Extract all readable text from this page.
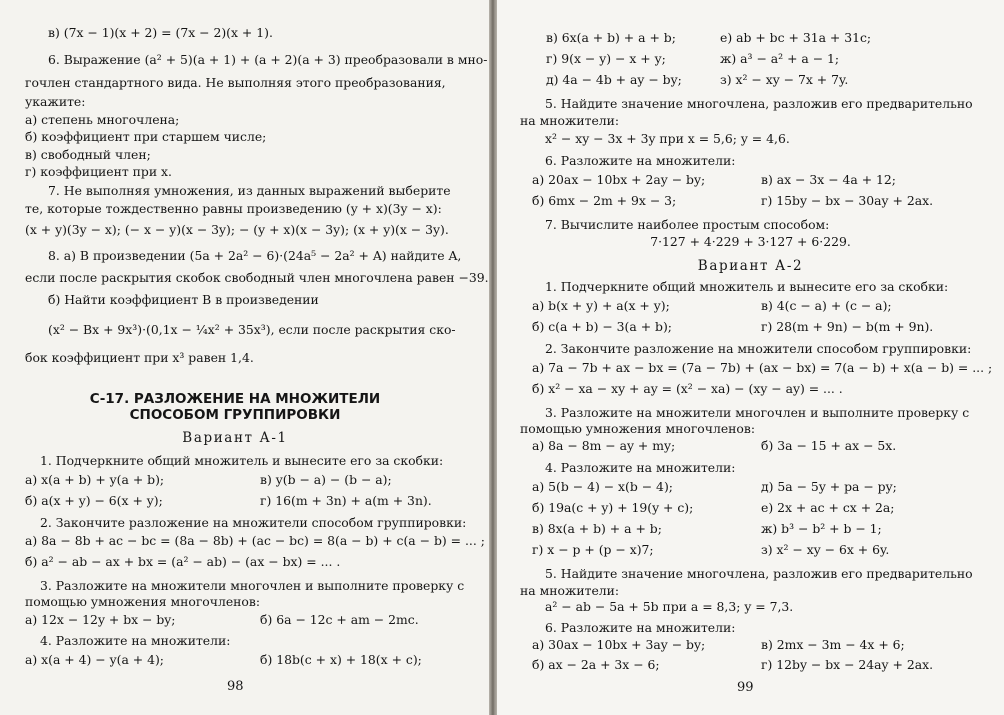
в) (7x − 1)(x + 2) = (7x − 2)(x + 1).
6. Выражение (a² + 5)(a + 1) + (a + 2)(a + 3) преобразовали в мно-
гочлен стандартного вида. Не выполняя этого преобразования,
укажите:
а) степень многочлена;
б) коэффициент при старшем числе;
в) свободный член;
г) коэффициент при x.
7. Не выполняя умножения, из данных выражений выберите
те, которые тождественно равны произведению (y + x)(3y − x):
(x + y)(3y − x); (− x − y)(x − 3y); − (y + x)(x − 3y); (x + y)(x − 3y).
8. а) В произведении (5a + 2a² − 6)·(24a⁵ − 2a² + A) найдите A,
если после раскрытия скобок свободный член многочлена равен −39.
б) Найти коэффициент B в произведении
(x² − Bx + 9x³)·(0,1x − ¼x² + 35x³), если после раскрытия ско-
бок коэффициент при x³ равен 1,4.
С-17. РАЗЛОЖЕНИЕ НА МНОЖИТЕЛИ
СПОСОБОМ ГРУППИРОВКИ
Вариант А-1
1. Подчеркните общий множитель и вынесите его за скобки:
а) x(a + b) + y(a + b);	в) y(b − a) − (b − a);
б) a(x + y) − 6(x + y);	г) 16(m + 3n) + a(m + 3n).
2. Закончите разложение на множители способом группировки:
а) 8a − 8b + ac − bc = (8a − 8b) + (ac − bc) = 8(a − b) + c(a − b) = ... ;
б) a² − ab − ax + bx = (a² − ab) − (ax − bx) = ... .
3. Разложите на множители многочлен и выполните проверку с
помощью умножения многочленов:
а) 12x − 12y + bx − by;	б) 6a − 12c + am − 2mc.
4. Разложите на множители:
а) x(a + 4) − y(a + 4);	б) 18b(c + x) + 18(x + c);
98
в) 6x(a + b) + a + b;	е) ab + bc + 31a + 31c;
г) 9(x − y) − x + y;	ж) a³ − a² + a − 1;
д) 4a − 4b + ay − by;	з) x² − xy − 7x + 7y.
5. Найдите значение многочлена, разложив его предварительно
на множители:
x² − xy − 3x + 3y при x = 5,6; y = 4,6.
6. Разложите на множители:
а) 20ax − 10bx + 2ay − by;	в) ax − 3x − 4a + 12;
б) 6mx − 2m + 9x − 3;	г) 15by − bx − 30ay + 2ax.
7. Вычислите наиболее простым способом:
7·127 + 4·229 + 3·127 + 6·229.
Вариант А-2
1. Подчеркните общий множитель и вынесите его за скобки:
а) b(x + y) + a(x + y);	в) 4(c − a) + (c − a);
б) c(a + b) − 3(a + b);	г) 28(m + 9n) − b(m + 9n).
2. Закончите разложение на множители способом группировки:
а) 7a − 7b + ax − bx = (7a − 7b) + (ax − bx) = 7(a − b) + x(a − b) = ... ;
б) x² − xa − xy + ay = (x² − xa) − (xy − ay) = ... .
3. Разложите на множители многочлен и выполните проверку с
помощью умножения многочленов:
а) 8a − 8m − ay + my;	б) 3a − 15 + ax − 5x.
4. Разложите на множители:
а) 5(b − 4) − x(b − 4);	д) 5a − 5y + pa − py;
б) 19a(c + y) + 19(y + c);	е) 2x + ac + cx + 2a;
в) 8x(a + b) + a + b;	ж) b³ − b² + b − 1;
г) x − p + (p − x)7;	з) x² − xy − 6x + 6y.
5. Найдите значение многочлена, разложив его предварительно
на множители:
a² − ab − 5a + 5b при a = 8,3; y = 7,3.
6. Разложите на множители:
а) 30ax − 10bx + 3ay − by;	в) 2mx − 3m − 4x + 6;
б) ax − 2a + 3x − 6;	г) 12by − bx − 24ay + 2ax.
99
